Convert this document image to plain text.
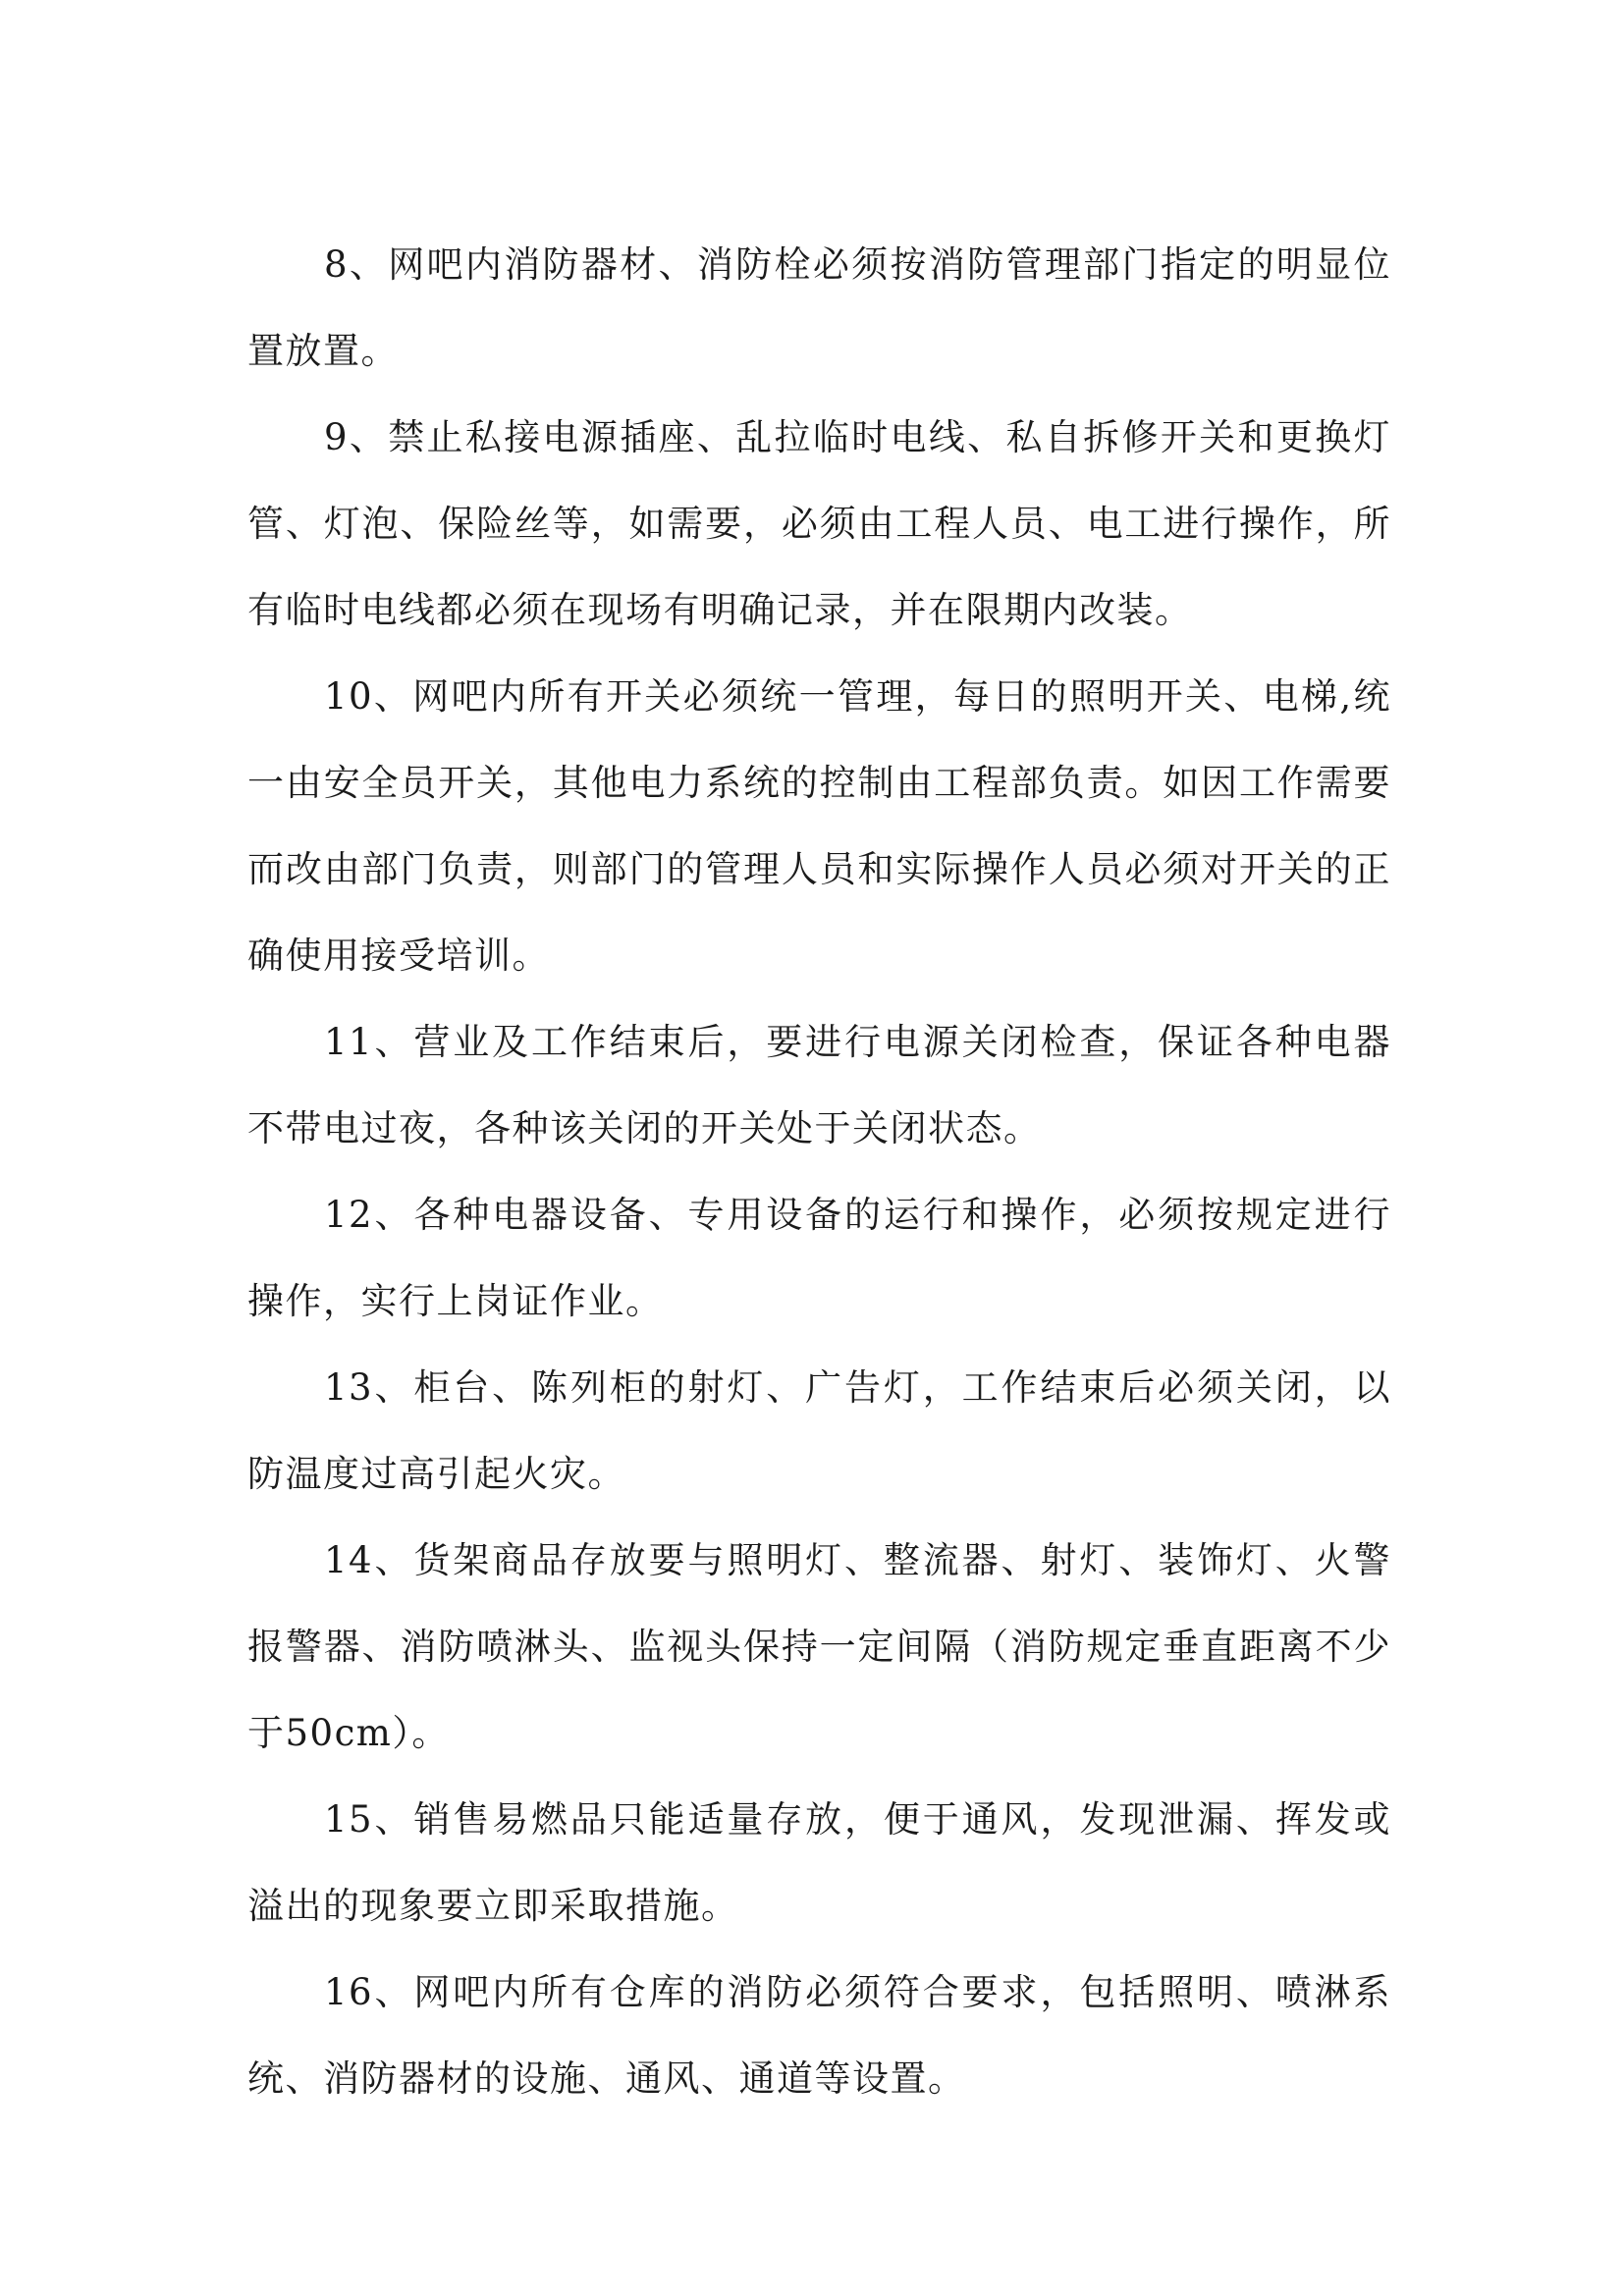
8、网吧内消防器材、消防栓必须按消防管理部门指定的明显位置放置。

9、禁止私接电源插座、乱拉临时电线、私自拆修开关和更换灯管、灯泡、保险丝等，如需要，必须由工程人员、电工进行操作，所有临时电线都必须在现场有明确记录，并在限期内改装。

10、网吧内所有开关必须统一管理，每日的照明开关、电梯,统一由安全员开关，其他电力系统的控制由工程部负责。如因工作需要而改由部门负责，则部门的管理人员和实际操作人员必须对开关的正确使用接受培训。

11、营业及工作结束后，要进行电源关闭检查，保证各种电器不带电过夜，各种该关闭的开关处于关闭状态。

12、各种电器设备、专用设备的运行和操作，必须按规定进行操作，实行上岗证作业。

13、柜台、陈列柜的射灯、广告灯，工作结束后必须关闭，以防温度过高引起火灾。

14、货架商品存放要与照明灯、整流器、射灯、装饰灯、火警报警器、消防喷淋头、监视头保持一定间隔（消防规定垂直距离不少于50cm）。

15、销售易燃品只能适量存放，便于通风，发现泄漏、挥发或溢出的现象要立即采取措施。

16、网吧内所有仓库的消防必须符合要求，包括照明、喷淋系统、消防器材的设施、通风、通道等设置。
